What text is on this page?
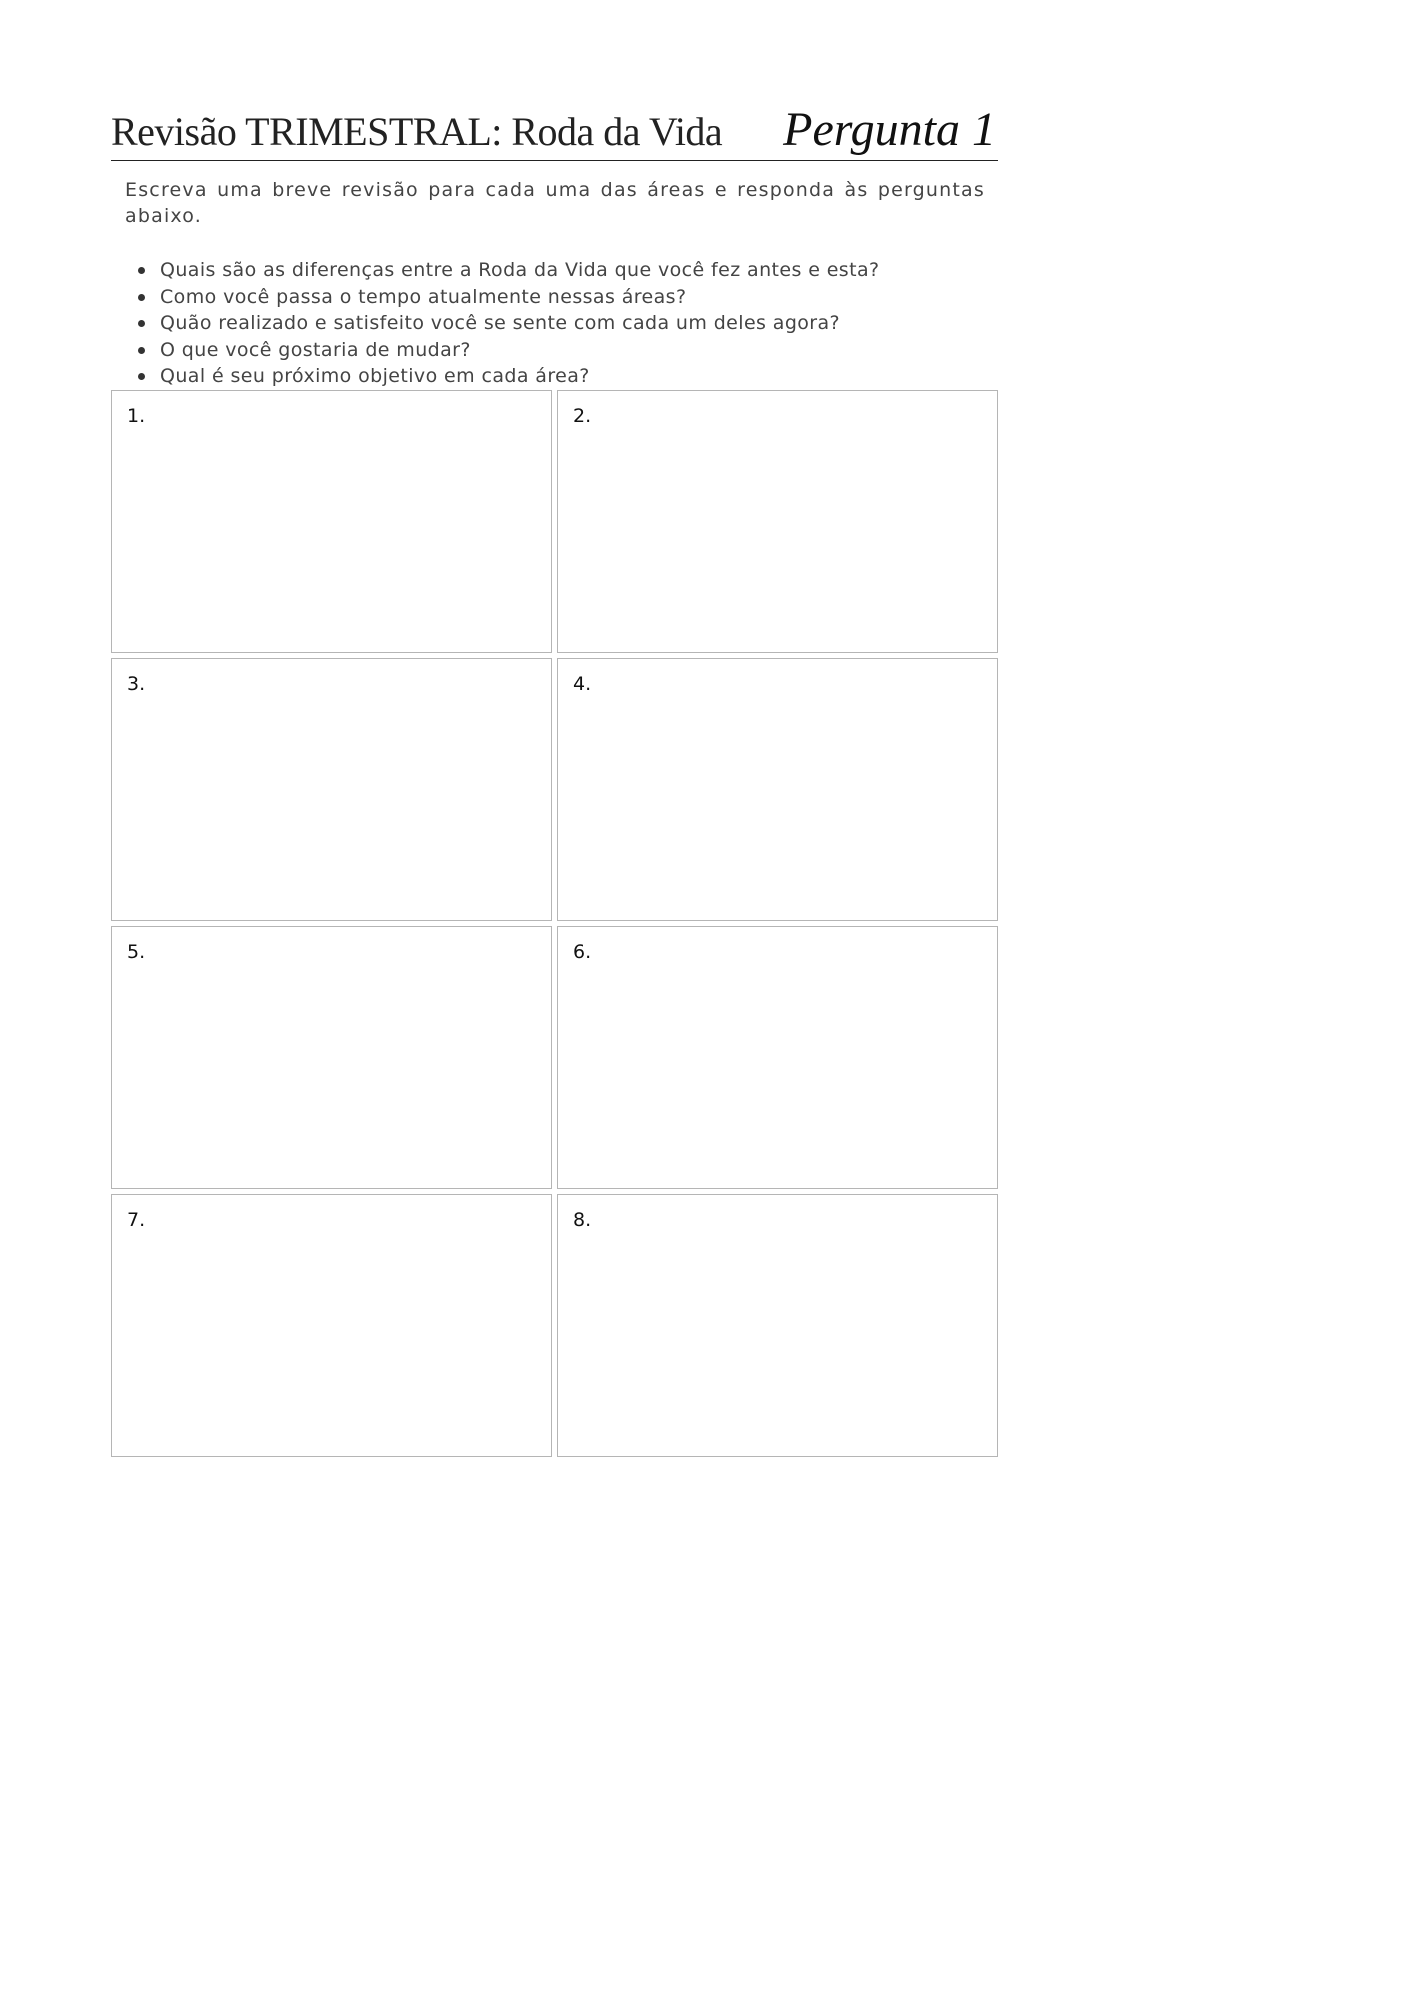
Revisão TRIMESTRAL: Roda da Vida Pergunta 1

Escreva uma breve revisão para cada uma das áreas e responda às perguntas abaixo.

Quais são as diferenças entre a Roda da Vida que você fez antes e esta?
Como você passa o tempo atualmente nessas áreas?
Quão realizado e satisfeito você se sente com cada um deles agora?
O que você gostaria de mudar?
Qual é seu próximo objetivo em cada área?
1.	2.
3.	4.
5.	6.
7.	8.
